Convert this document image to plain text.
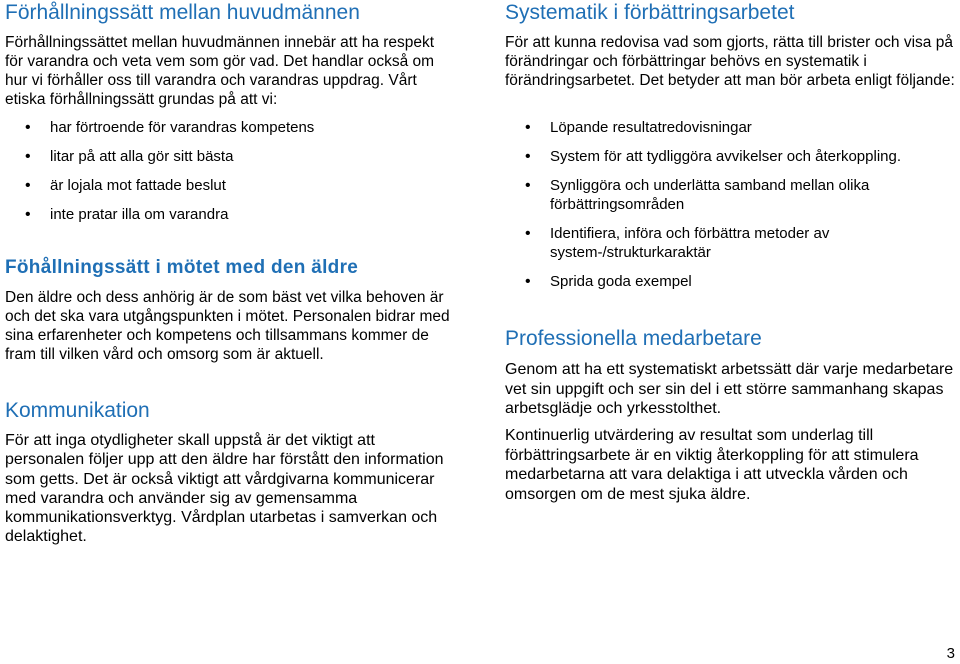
Förhållningssätt mellan huvudmännen

Förhållningssättet mellan huvudmännen innebär att ha respekt för varandra och veta vem som gör vad. Det handlar också om hur vi förhåller oss till varandra och varandras uppdrag. Vårt etiska förhållningssätt grundas på att vi:

• har förtroende för varandras kompetens
• litar på att alla gör sitt bästa
• är lojala mot fattade beslut
• inte pratar illa om varandra
Föhållningssätt i mötet med den äldre

Den äldre och dess anhörig är de som bäst vet vilka behoven är och det ska vara utgångspunkten i mötet. Personalen bidrar med sina erfarenheter och kompetens och tillsammans kommer de fram till vilken vård och omsorg som är aktuell.

Kommunikation

För att inga otydligheter skall uppstå är det viktigt att personalen följer upp att den äldre har förstått den information som getts. Det är också viktigt att vårdgivarna kommunicerar med varandra och använder sig av gemensamma kommunikationsverktyg. Vårdplan utarbetas i samverkan och delaktighet.

Systematik i förbättringsarbetet

För att kunna redovisa vad som gjorts, rätta till brister och visa på förändringar och förbättringar behövs en systematik i förändringsarbetet. Det betyder att man bör arbeta enligt följande:

• Löpande resultatredovisningar
• System för att tydliggöra avvikelser och återkoppling.
• Synliggöra och underlätta samband mellan olika förbättringsområden
• Identifiera, införa och förbättra metoder av system-/strukturkaraktär
• Sprida goda exempel
Professionella medarbetare

Genom att ha ett systematiskt arbetssätt där varje medarbetare vet sin uppgift och ser sin del i ett större sammanhang skapas arbetsglädje och yrkesstolthet.

Kontinuerlig utvärdering av resultat som underlag till förbättringsarbete är en viktig återkoppling för att stimulera medarbetarna att vara delaktiga i att utveckla vården och omsorgen om de mest sjuka äldre.

3
